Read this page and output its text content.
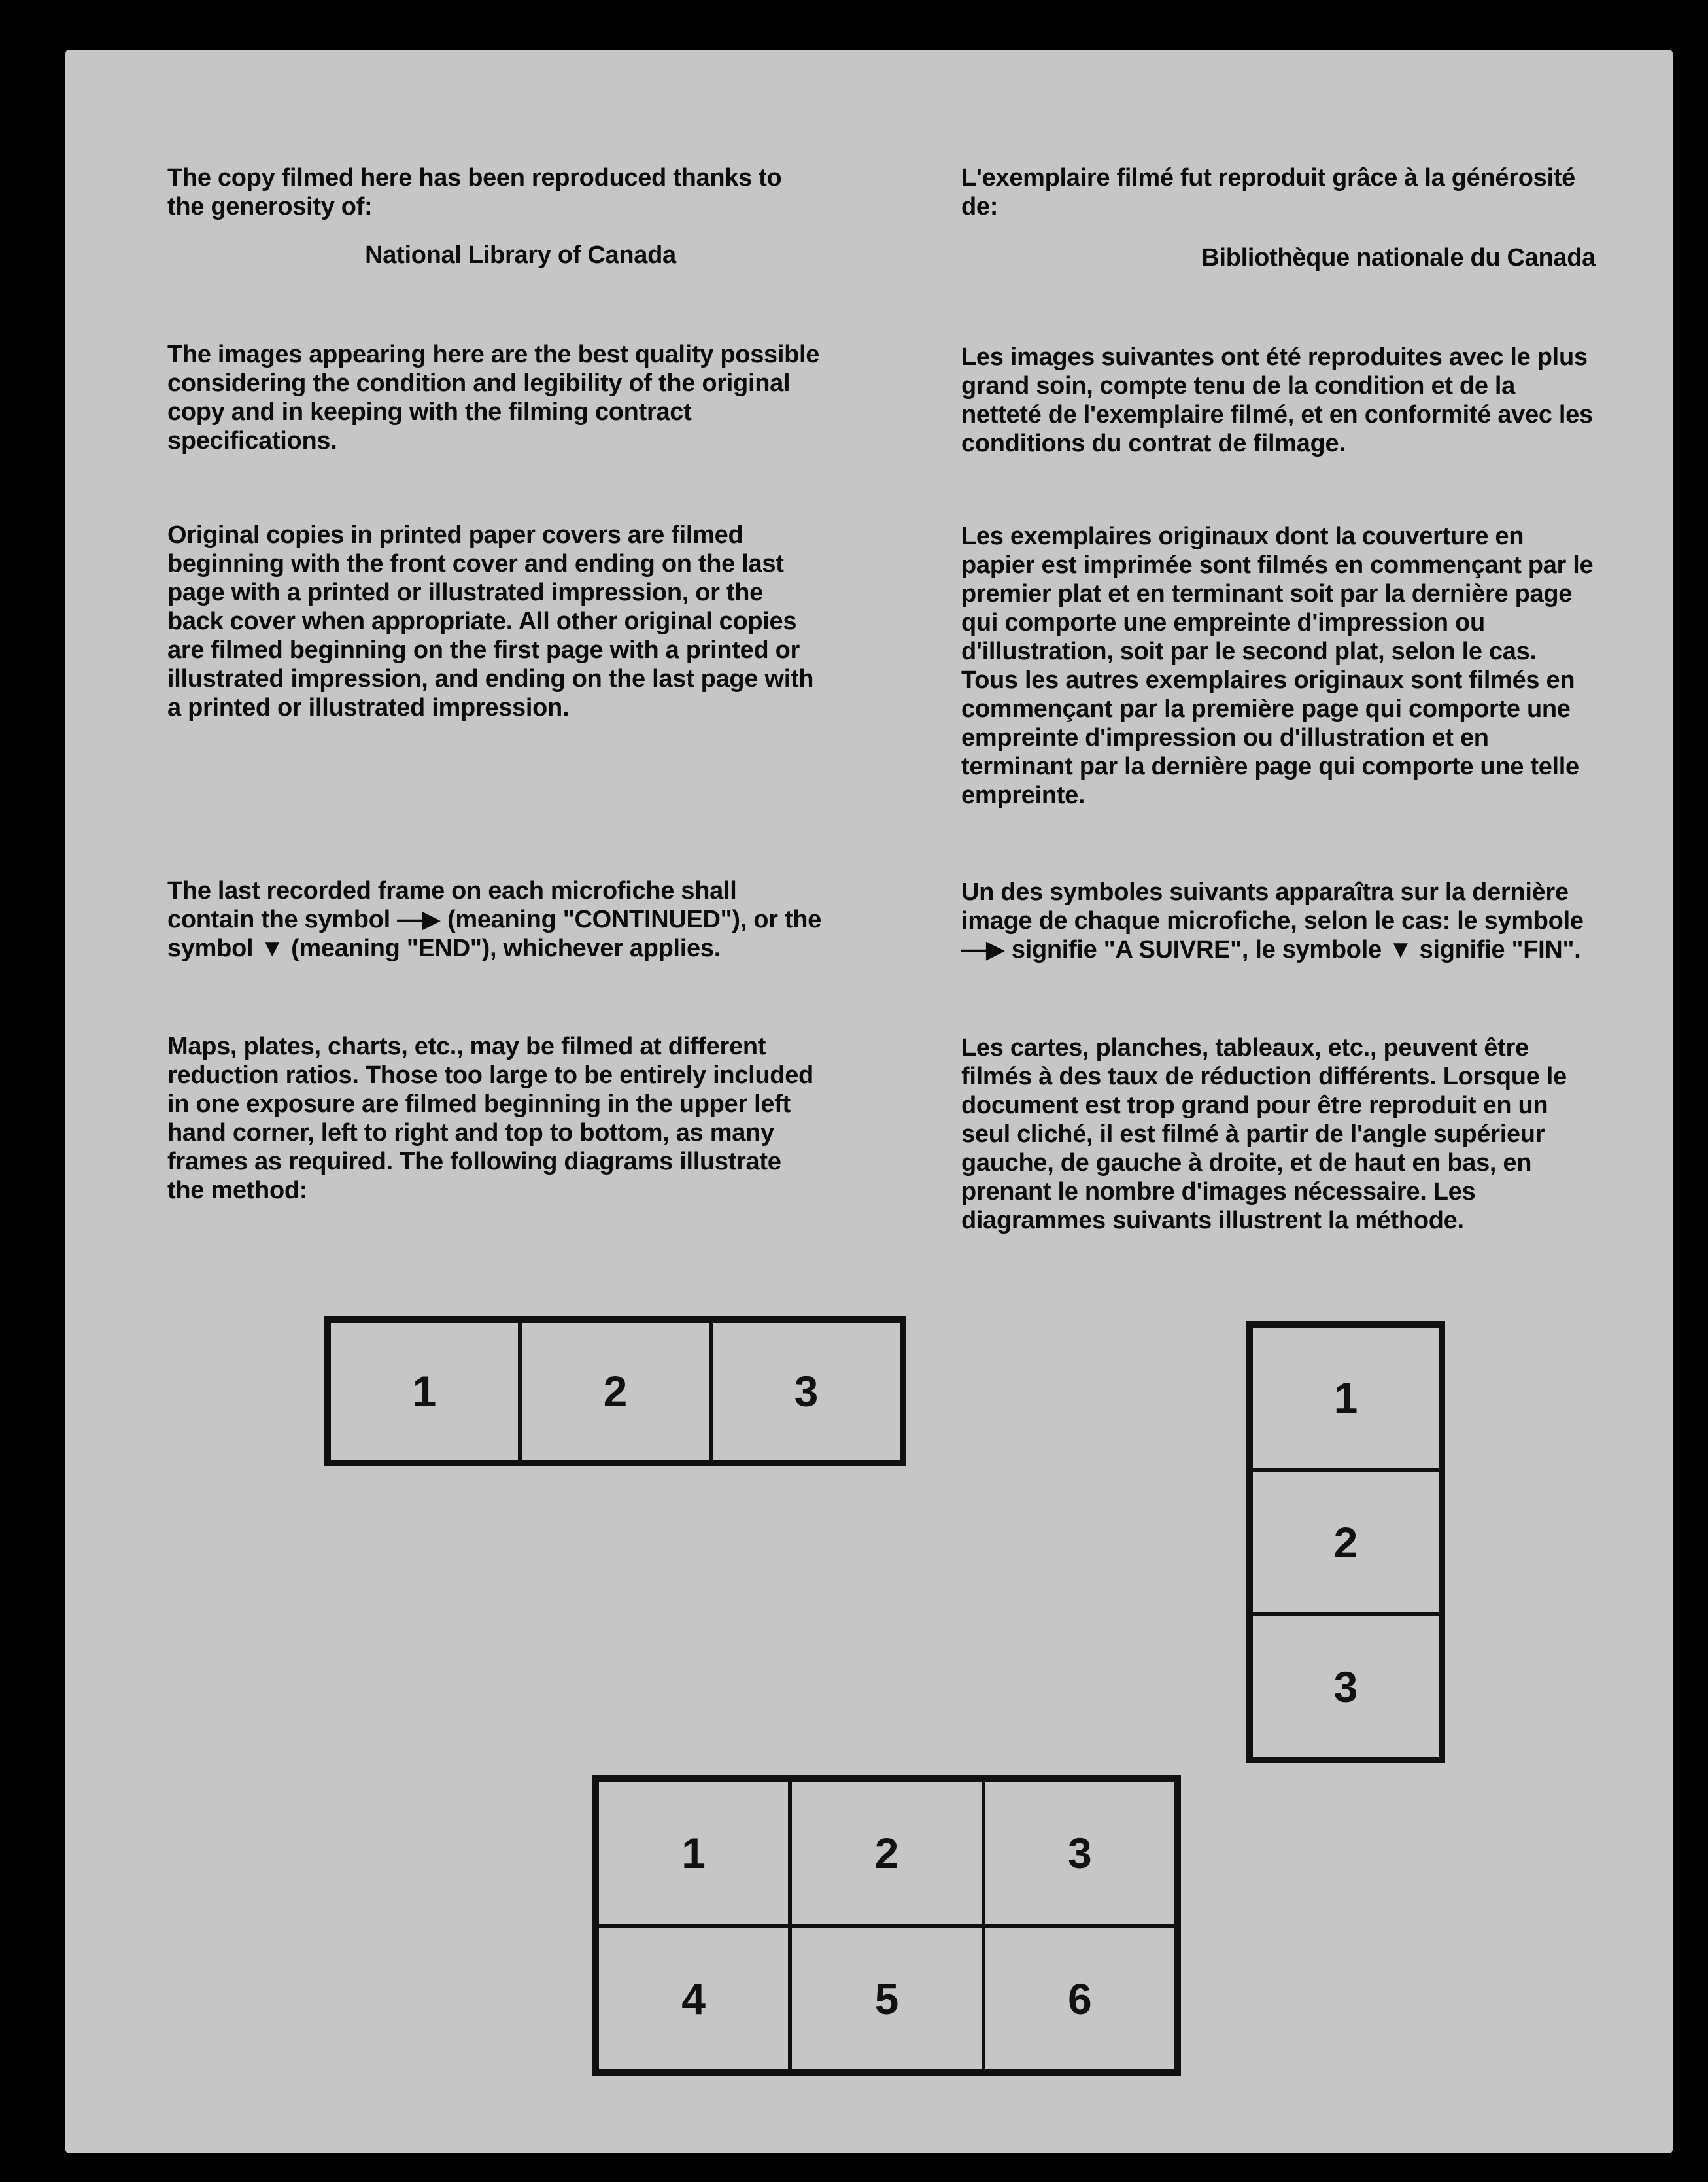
The copy filmed here has been reproduced thanks to the generosity of:

National Library of Canada

The images appearing here are the best quality possible considering the condition and legibility of the original copy and in keeping with the filming contract specifications.

Original copies in printed paper covers are filmed beginning with the front cover and ending on the last page with a printed or illustrated impression, or the back cover when appropriate. All other original copies are filmed beginning on the first page with a printed or illustrated impression, and ending on the last page with a printed or illustrated impression.

The last recorded frame on each microfiche shall contain the symbol —▶ (meaning "CONTINUED"), or the symbol ▼ (meaning "END"), whichever applies.

Maps, plates, charts, etc., may be filmed at different reduction ratios. Those too large to be entirely included in one exposure are filmed beginning in the upper left hand corner, left to right and top to bottom, as many frames as required. The following diagrams illustrate the method:

L'exemplaire filmé fut reproduit grâce à la générosité de:

Bibliothèque nationale du Canada

Les images suivantes ont été reproduites avec le plus grand soin, compte tenu de la condition et de la netteté de l'exemplaire filmé, et en conformité avec les conditions du contrat de filmage.

Les exemplaires originaux dont la couverture en papier est imprimée sont filmés en commençant par le premier plat et en terminant soit par la dernière page qui comporte une empreinte d'impression ou d'illustration, soit par le second plat, selon le cas. Tous les autres exemplaires originaux sont filmés en commençant par la première page qui comporte une empreinte d'impression ou d'illustration et en terminant par la dernière page qui comporte une telle empreinte.

Un des symboles suivants apparaîtra sur la dernière image de chaque microfiche, selon le cas: le symbole —▶ signifie "A SUIVRE", le symbole ▼ signifie "FIN".

Les cartes, planches, tableaux, etc., peuvent être filmés à des taux de réduction différents. Lorsque le document est trop grand pour être reproduit en un seul cliché, il est filmé à partir de l'angle supérieur gauche, de gauche à droite, et de haut en bas, en prenant le nombre d'images nécessaire. Les diagrammes suivants illustrent la méthode.

1	2	3	1
2
3
1	2	3
4	5	6
